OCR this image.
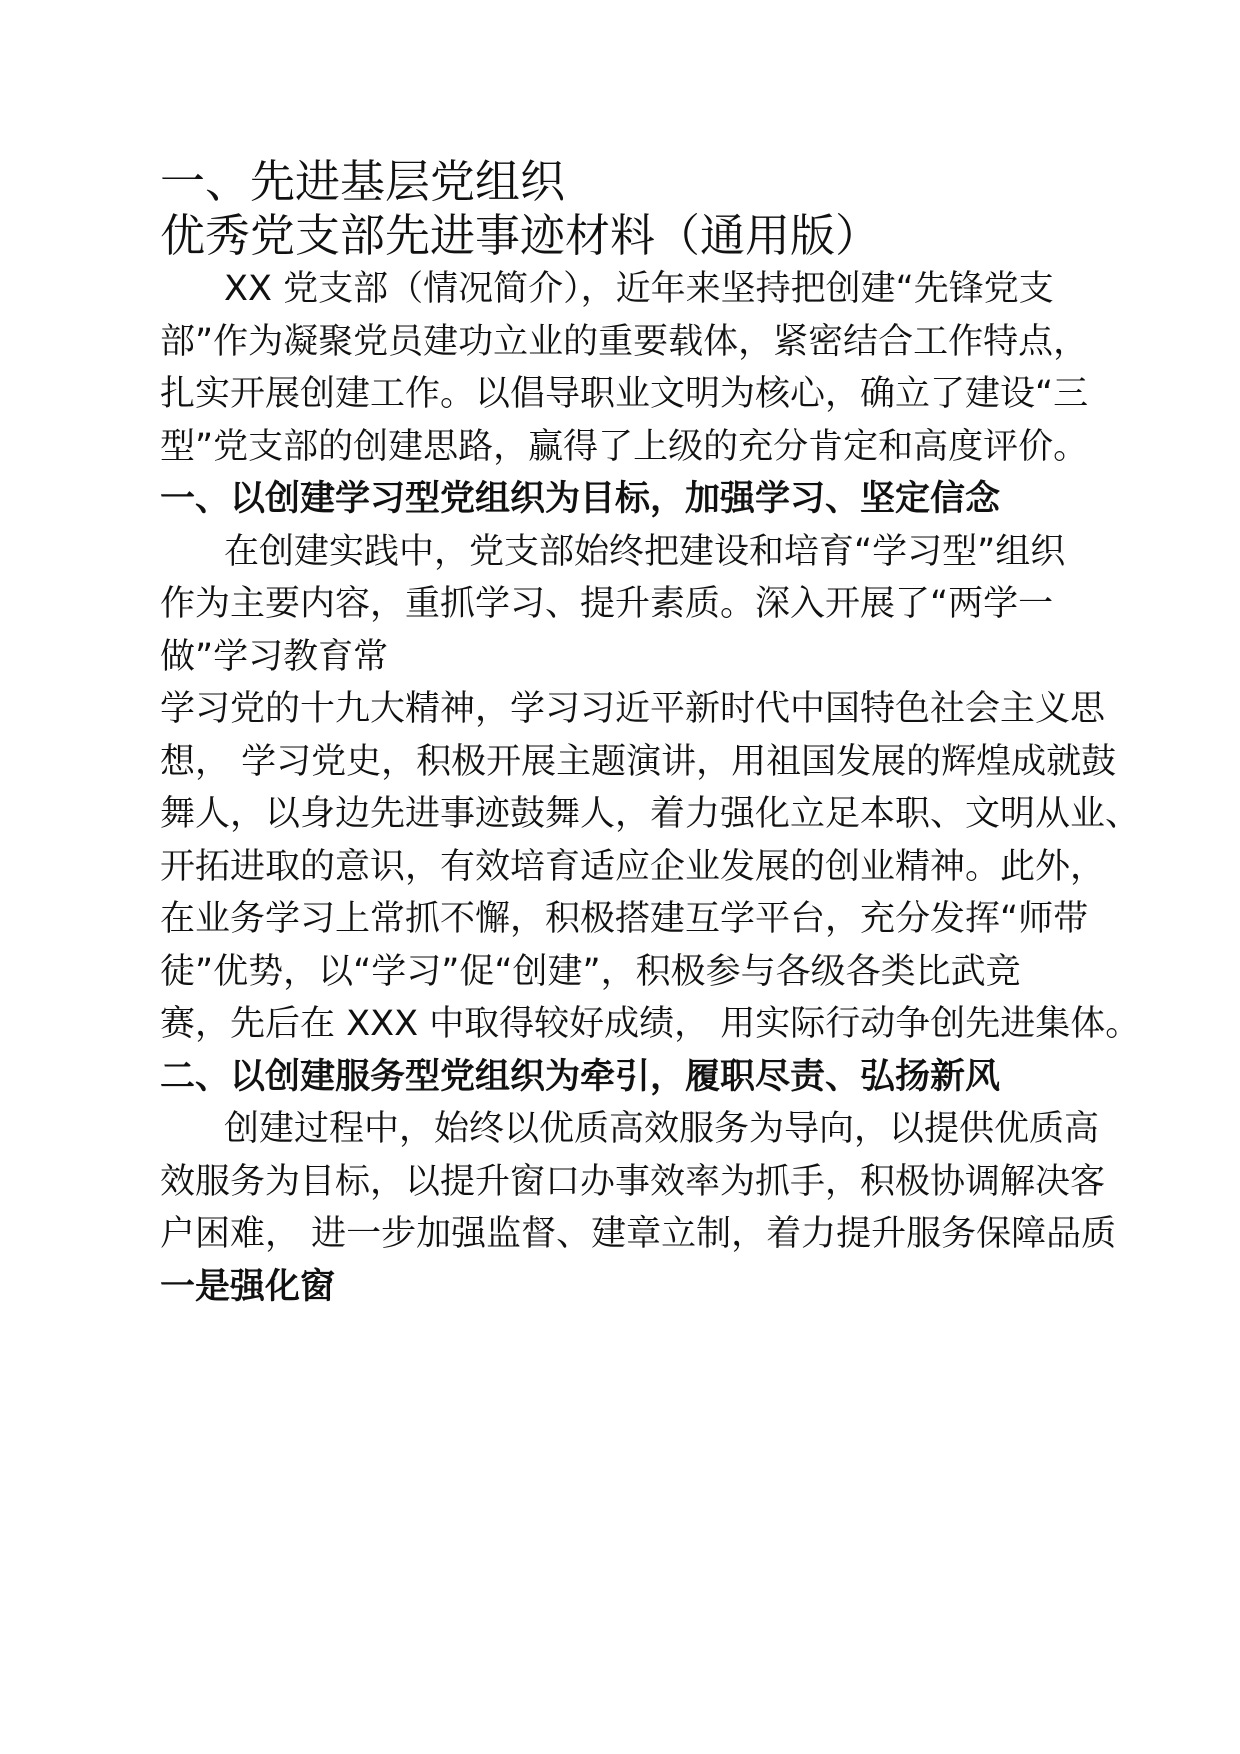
一、先进基层党组织
优秀党支部先进事迹材料（通用版）

XX 党支部（情况简介），近年来坚持把创建“先锋党支

部”作为凝聚党员建功立业的重要载体，紧密结合工作特点，

扎实开展创建工作。以倡导职业文明为核心，确立了建设“三

型”党支部的创建思路，赢得了上级的充分肯定和高度评价。

一、以创建学习型党组织为目标，加强学习、坚定信念

在创建实践中，党支部始终把建设和培育“学习型”组织

作为主要内容，重抓学习、提升素质。深入开展了“两学一

做”学习教育常

学习党的十九大精神，学习习近平新时代中国特色社会主义思

想， 学习党史，积极开展主题演讲，用祖国发展的辉煌成就鼓

舞人，以身边先进事迹鼓舞人，着力强化立足本职、文明从业、

开拓进取的意识，有效培育适应企业发展的创业精神。此外，

在业务学习上常抓不懈，积极搭建互学平台，充分发挥“师带

徒”优势，以“学习”促“创建”，积极参与各级各类比武竞

赛，先后在 XXX 中取得较好成绩， 用实际行动争创先进集体。

二、以创建服务型党组织为牵引，履职尽责、弘扬新风

创建过程中，始终以优质高效服务为导向，以提供优质高

效服务为目标，以提升窗口办事效率为抓手，积极协调解决客

户困难， 进一步加强监督、建章立制，着力提升服务保障品质

一是强化窗
